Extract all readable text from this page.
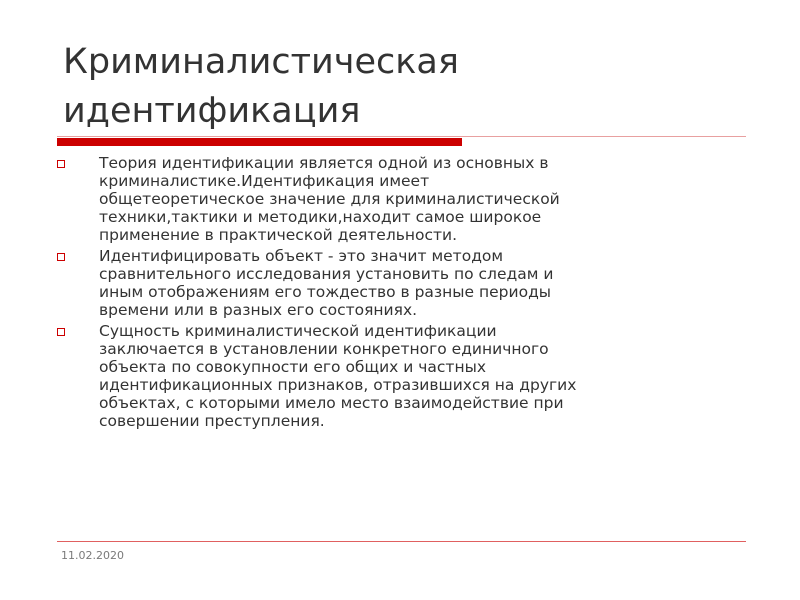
Криминалистическая
идентификация
Теория идентификации является одной из основных в
криминалистике.Идентификация имеет
общетеоретическое значение для криминалистической
техники,тактики и методики,находит самое широкое
применение в практической деятельности.
Идентифицировать объект - это значит методом
сравнительного исследования установить по следам и
иным отображениям его тождество в разные периоды
времени или в разных его состояниях.
Сущность криминалистической идентификации
заключается в установлении конкретного единичного
объекта по совокупности его общих и частных
идентификационных признаков, отразившихся на других
объектах, с которыми имело место взаимодействие при
совершении преступления.
11.02.2020
